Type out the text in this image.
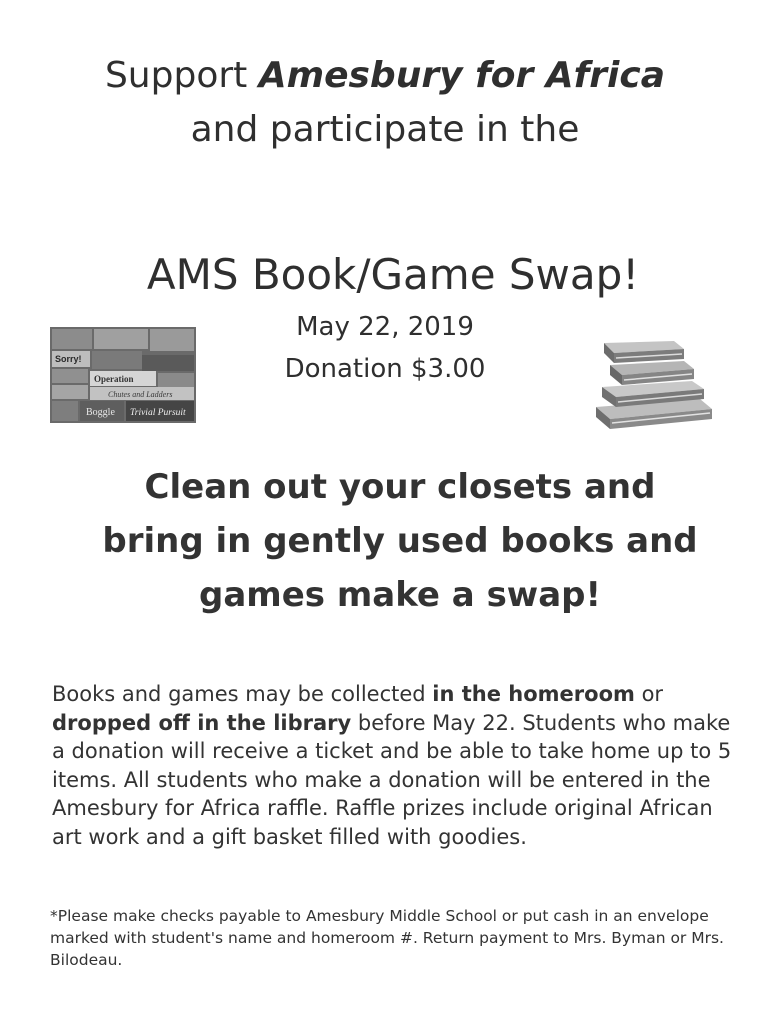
Support Amesbury for Africa
and participate in the
AMS Book/Game Swap!
May 22, 2019
Donation $3.00
Sorry!
Operation
Chutes and Ladders
Boggle Trivial Pursuit
Clean out your closets and
bring in gently used books and
games make a swap!
Books and games may be collected in the homeroom or dropped off in the library before May 22. Students who make a donation will receive a ticket and be able to take home up to 5 items. All students who make a donation will be entered in the Amesbury for Africa raffle. Raffle prizes include original African art work and a gift basket filled with goodies.
*Please make checks payable to Amesbury Middle School or put cash in an envelope marked with student's name and homeroom #. Return payment to Mrs. Byman or Mrs. Bilodeau.
